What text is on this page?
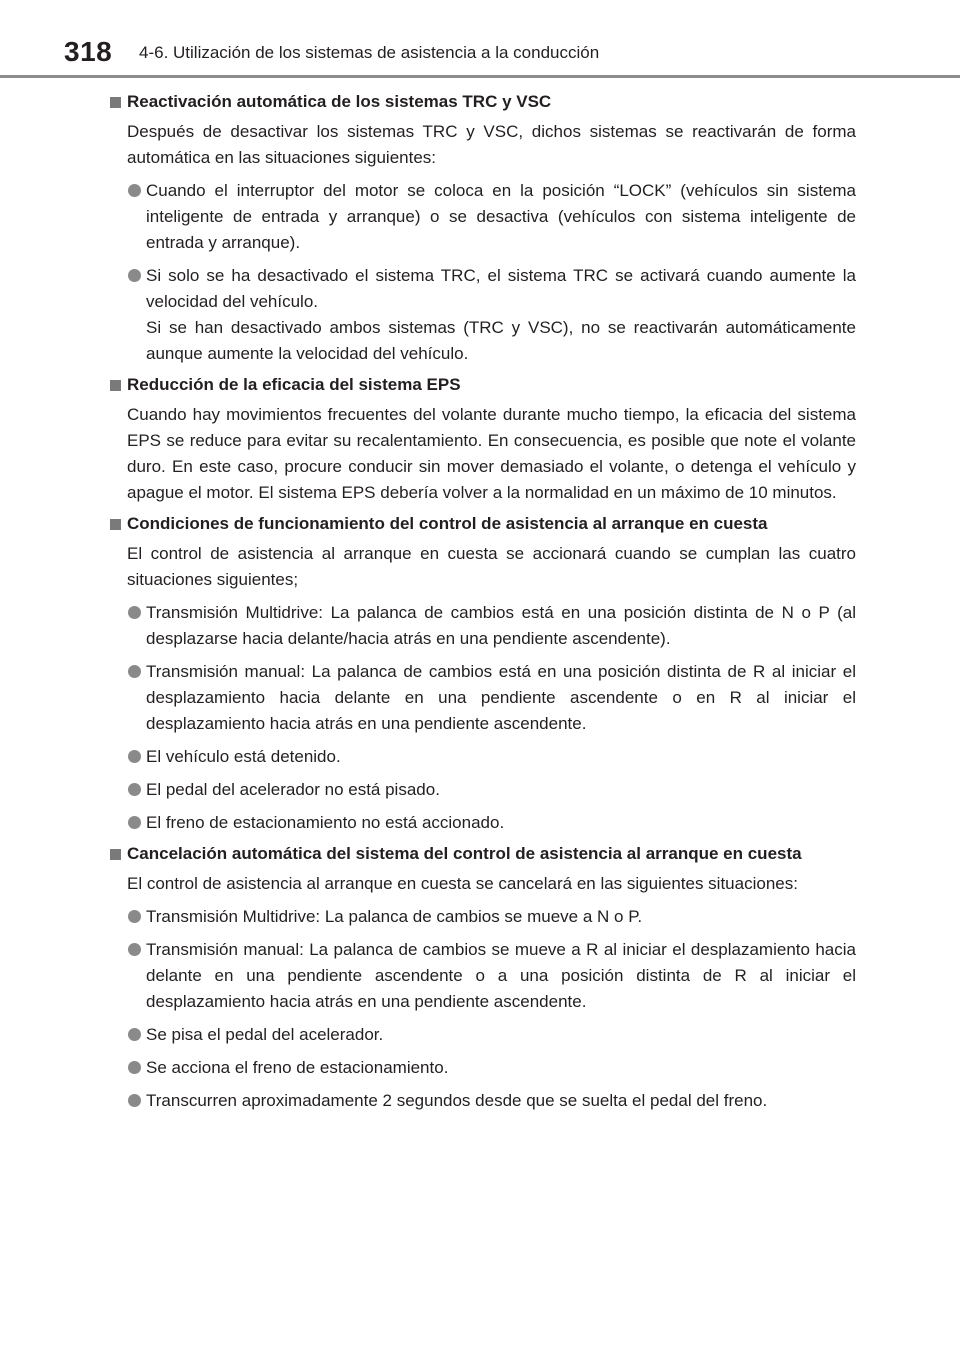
318 4-6. Utilización de los sistemas de asistencia a la conducción

Reactivación automática de los sistemas TRC y VSC

Después de desactivar los sistemas TRC y VSC, dichos sistemas se reactivarán de forma automática en las situaciones siguientes:

Cuando el interruptor del motor se coloca en la posición “LOCK” (vehículos sin sistema inteligente de entrada y arranque) o se desactiva (vehículos con sistema inteligente de entrada y arranque).
Si solo se ha desactivado el sistema TRC, el sistema TRC se activará cuando aumente la velocidad del vehículo.
Si se han desactivado ambos sistemas (TRC y VSC), no se reactivarán automáticamente aunque aumente la velocidad del vehículo.

Reducción de la eficacia del sistema EPS

Cuando hay movimientos frecuentes del volante durante mucho tiempo, la eficacia del sistema EPS se reduce para evitar su recalentamiento. En consecuencia, es posible que note el volante duro. En este caso, procure conducir sin mover demasiado el volante, o detenga el vehículo y apague el motor. El sistema EPS debería volver a la normalidad en un máximo de 10 minutos.

Condiciones de funcionamiento del control de asistencia al arranque en cuesta

El control de asistencia al arranque en cuesta se accionará cuando se cumplan las cuatro situaciones siguientes;

Transmisión Multidrive: La palanca de cambios está en una posición distinta de N o P (al desplazarse hacia delante/hacia atrás en una pendiente ascendente).
Transmisión manual: La palanca de cambios está en una posición distinta de R al iniciar el desplazamiento hacia delante en una pendiente ascendente o en R al iniciar el desplazamiento hacia atrás en una pendiente ascendente.
El vehículo está detenido.
El pedal del acelerador no está pisado.
El freno de estacionamiento no está accionado.

Cancelación automática del sistema del control de asistencia al arranque en cuesta

El control de asistencia al arranque en cuesta se cancelará en las siguientes situaciones:

Transmisión Multidrive: La palanca de cambios se mueve a N o P.
Transmisión manual: La palanca de cambios se mueve a R al iniciar el desplazamiento hacia delante en una pendiente ascendente o a una posición distinta de R al iniciar el desplazamiento hacia atrás en una pendiente ascendente.
Se pisa el pedal del acelerador.
Se acciona el freno de estacionamiento.
Transcurren aproximadamente 2 segundos desde que se suelta el pedal del freno.
